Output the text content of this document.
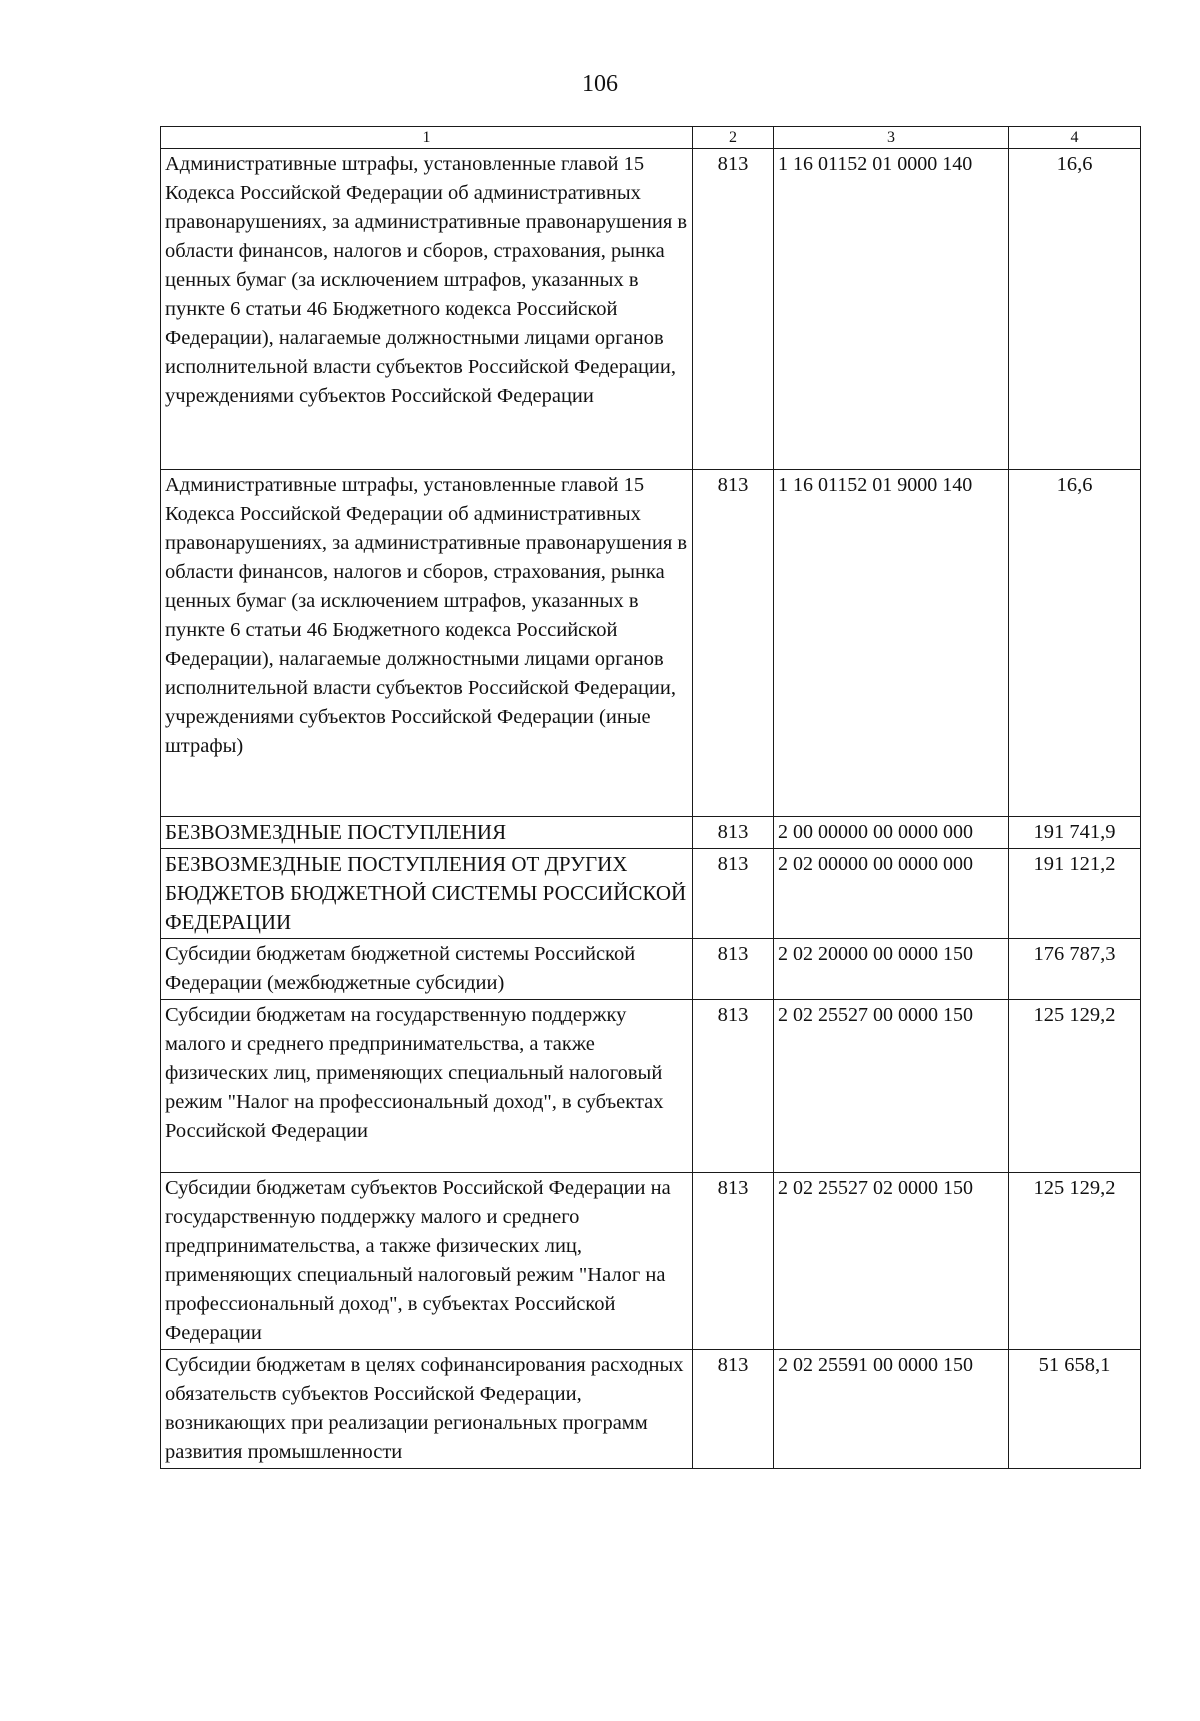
106
1	2	3	4
Административные штрафы, установленные главой 15 Кодекса Российской Федерации об административных правонарушениях, за административные правонарушения в области финансов, налогов и сборов, страхования, рынка ценных бумаг (за исключением штрафов, указанных в пункте 6 статьи 46 Бюджетного кодекса Российской Федерации), налагаемые должностными лицами органов исполнительной власти субъектов Российской Федерации, учреждениями субъектов Российской Федерации	813	1 16 01152 01 0000 140	16,6
Административные штрафы, установленные главой 15 Кодекса Российской Федерации об административных правонарушениях, за административные правонарушения в области финансов, налогов и сборов, страхования, рынка ценных бумаг (за исключением штрафов, указанных в пункте 6 статьи 46 Бюджетного кодекса Российской Федерации), налагаемые должностными лицами органов исполнительной власти субъектов Российской Федерации, учреждениями субъектов Российской Федерации (иные штрафы)	813	1 16 01152 01 9000 140	16,6
БЕЗВОЗМЕЗДНЫЕ ПОСТУПЛЕНИЯ	813	2 00 00000 00 0000 000	191 741,9
БЕЗВОЗМЕЗДНЫЕ ПОСТУПЛЕНИЯ ОТ ДРУГИХ БЮДЖЕТОВ БЮДЖЕТНОЙ СИСТЕМЫ РОССИЙСКОЙ ФЕДЕРАЦИИ	813	2 02 00000 00 0000 000	191 121,2
Субсидии бюджетам бюджетной системы Российской Федерации (межбюджетные субсидии)	813	2 02 20000 00 0000 150	176 787,3
Субсидии бюджетам на государственную поддержку малого и среднего предпринимательства, а также физических лиц, применяющих специальный налоговый режим "Налог на профессиональный доход", в субъектах Российской Федерации	813	2 02 25527 00 0000 150	125 129,2
Субсидии бюджетам субъектов Российской Федерации на государственную поддержку малого и среднего предпринимательства, а также физических лиц, применяющих специальный налоговый режим "Налог на профессиональный доход", в субъектах Российской Федерации	813	2 02 25527 02 0000 150	125 129,2
Субсидии бюджетам в целях софинансирования расходных обязательств субъектов Российской Федерации, возникающих при реализации региональных программ развития промышленности	813	2 02 25591 00 0000 150	51 658,1
